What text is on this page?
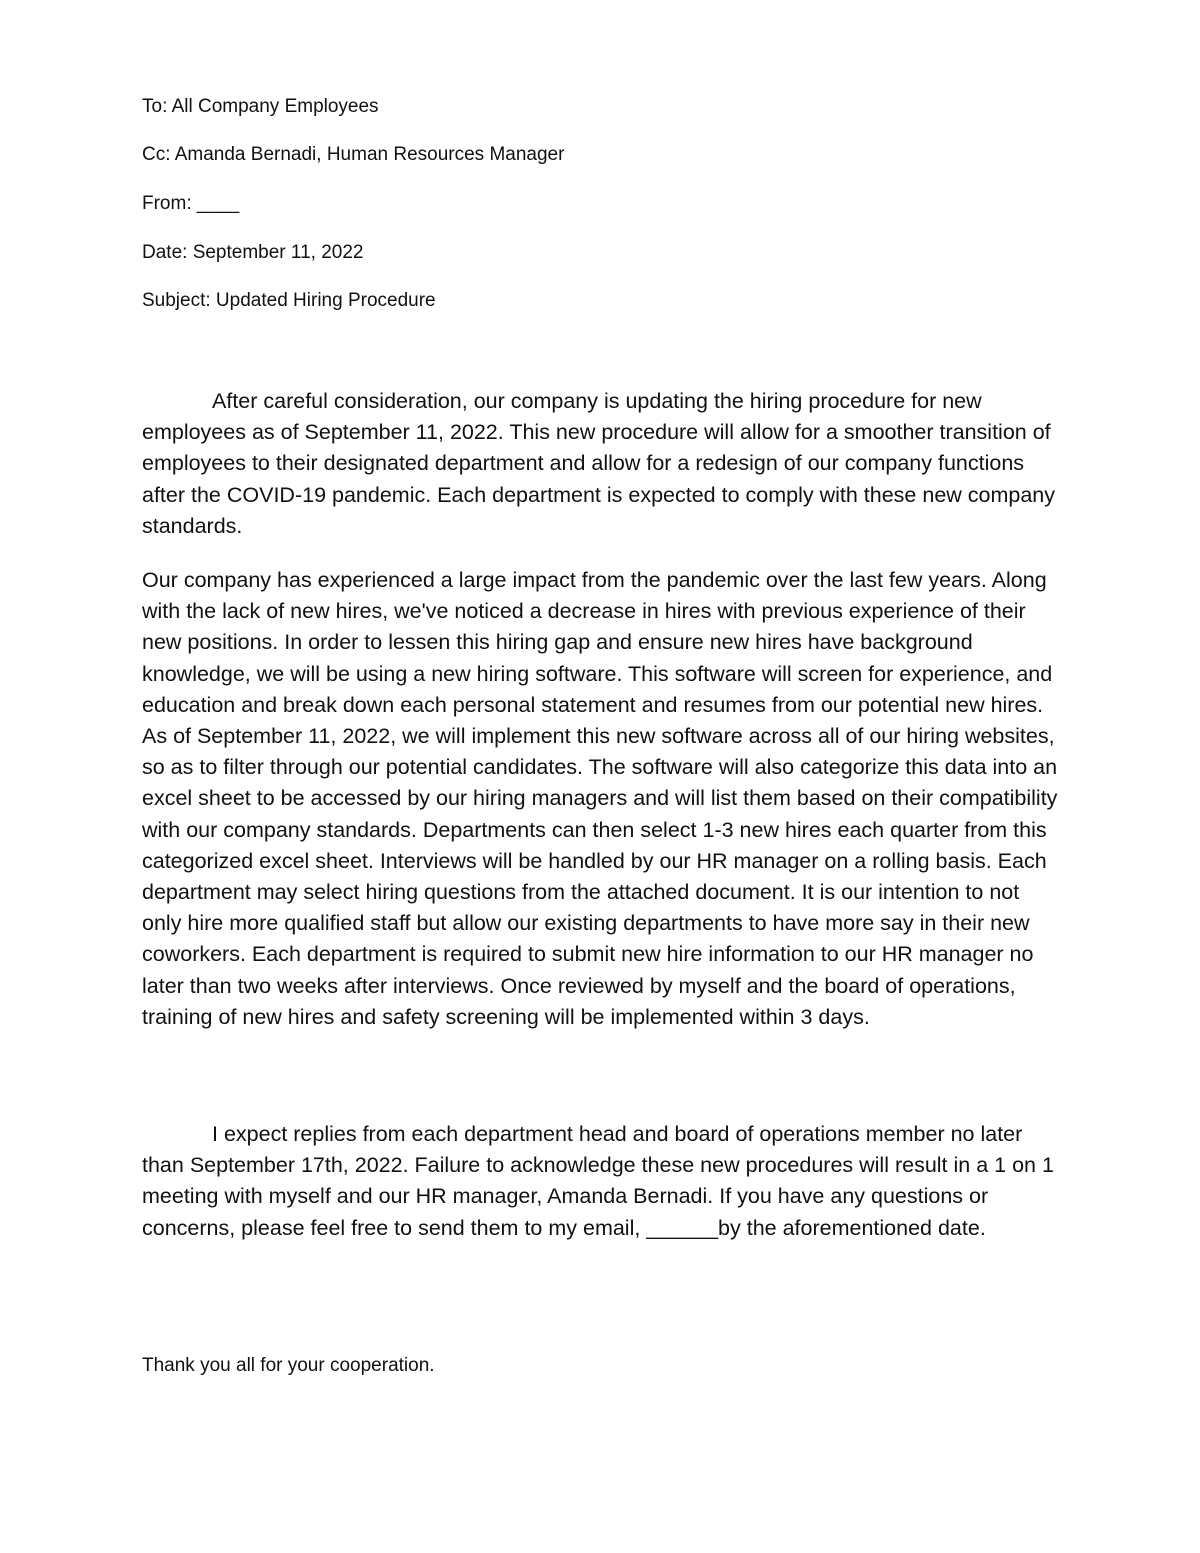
To: All Company Employees

Cc: Amanda Bernadi, Human Resources Manager

From: ____

Date: September 11, 2022

Subject: Updated Hiring Procedure

After careful consideration, our company is updating the hiring procedure for new employees as of September 11, 2022. This new procedure will allow for a smoother transition of employees to their designated department and allow for a redesign of our company functions after the COVID-19 pandemic. Each department is expected to comply with these new company standards.

Our company has experienced a large impact from the pandemic over the last few years. Along with the lack of new hires, we've noticed a decrease in hires with previous experience of their new positions. In order to lessen this hiring gap and ensure new hires have background knowledge, we will be using a new hiring software. This software will screen for experience, and education and break down each personal statement and resumes from our potential new hires. As of September 11, 2022, we will implement this new software across all of our hiring websites, so as to filter through our potential candidates. The software will also categorize this data into an excel sheet to be accessed by our hiring managers and will list them based on their compatibility with our company standards. Departments can then select 1-3 new hires each quarter from this categorized excel sheet. Interviews will be handled by our HR manager on a rolling basis. Each department may select hiring questions from the attached document. It is our intention to not only hire more qualified staff but allow our existing departments to have more say in their new coworkers. Each department is required to submit new hire information to our HR manager no later than two weeks after interviews. Once reviewed by myself and the board of operations, training of new hires and safety screening will be implemented within 3 days.

I expect replies from each department head and board of operations member no later than September 17th, 2022. Failure to acknowledge these new procedures will result in a 1 on 1 meeting with myself and our HR manager, Amanda Bernadi. If you have any questions or concerns, please feel free to send them to my email, ______by the aforementioned date.

Thank you all for your cooperation.
